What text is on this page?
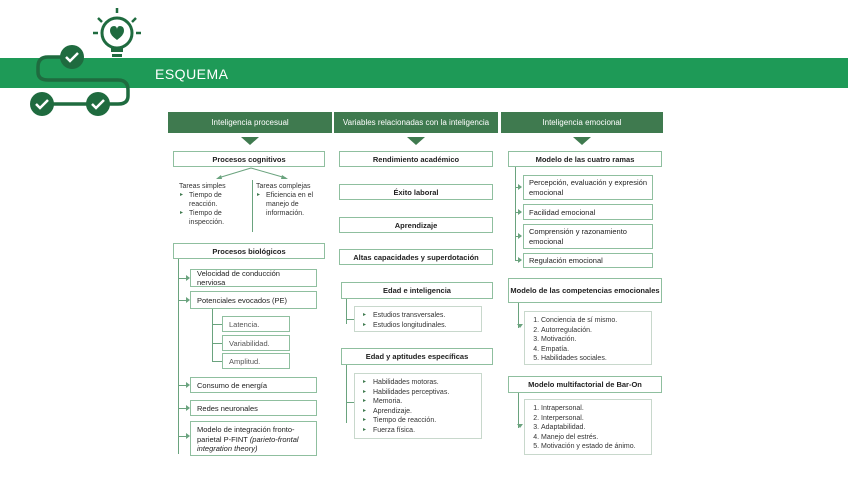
ESQUEMA
Inteligencia procesual	Variables relacionadas con la inteligencia	Inteligencia emocional
Procesos cognitivos
Tareas simples
▸ Tiempo de reacción.
▸ Tiempo de inspección.
Tareas complejas
▸ Eficiencia en el manejo de información.
Procesos biológicos
Velocidad de conducción nerviosa
Potenciales evocados (PE)
Latencia.
Variabilidad.
Amplitud.
Consumo de energía
Redes neuronales
Modelo de integración fronto-parietal P-FINT (parieto-frontal integration theory)
Rendimiento académico
Éxito laboral
Aprendizaje
Altas capacidades y superdotación
Edad e inteligencia
▸ Estudios transversales.
▸ Estudios longitudinales.
Edad y aptitudes específicas
▸ Habilidades motoras.
▸ Habilidades perceptivas.
▸ Memoria.
▸ Aprendizaje.
▸ Tiempo de reacción.
▸ Fuerza física.
Modelo de las cuatro ramas
Percepción, evaluación y expresión emocional
Facilidad emocional
Comprensión y razonamiento emocional
Regulación emocional
Modelo de las competencias emocionales
1. Conciencia de sí mismo.
2. Autorregulación.
3. Motivación.
4. Empatía.
5. Habilidades sociales.
Modelo multifactorial de Bar-On
1. Intrapersonal.
2. Interpersonal.
3. Adaptabilidad.
4. Manejo del estrés.
5. Motivación y estado de ánimo.
